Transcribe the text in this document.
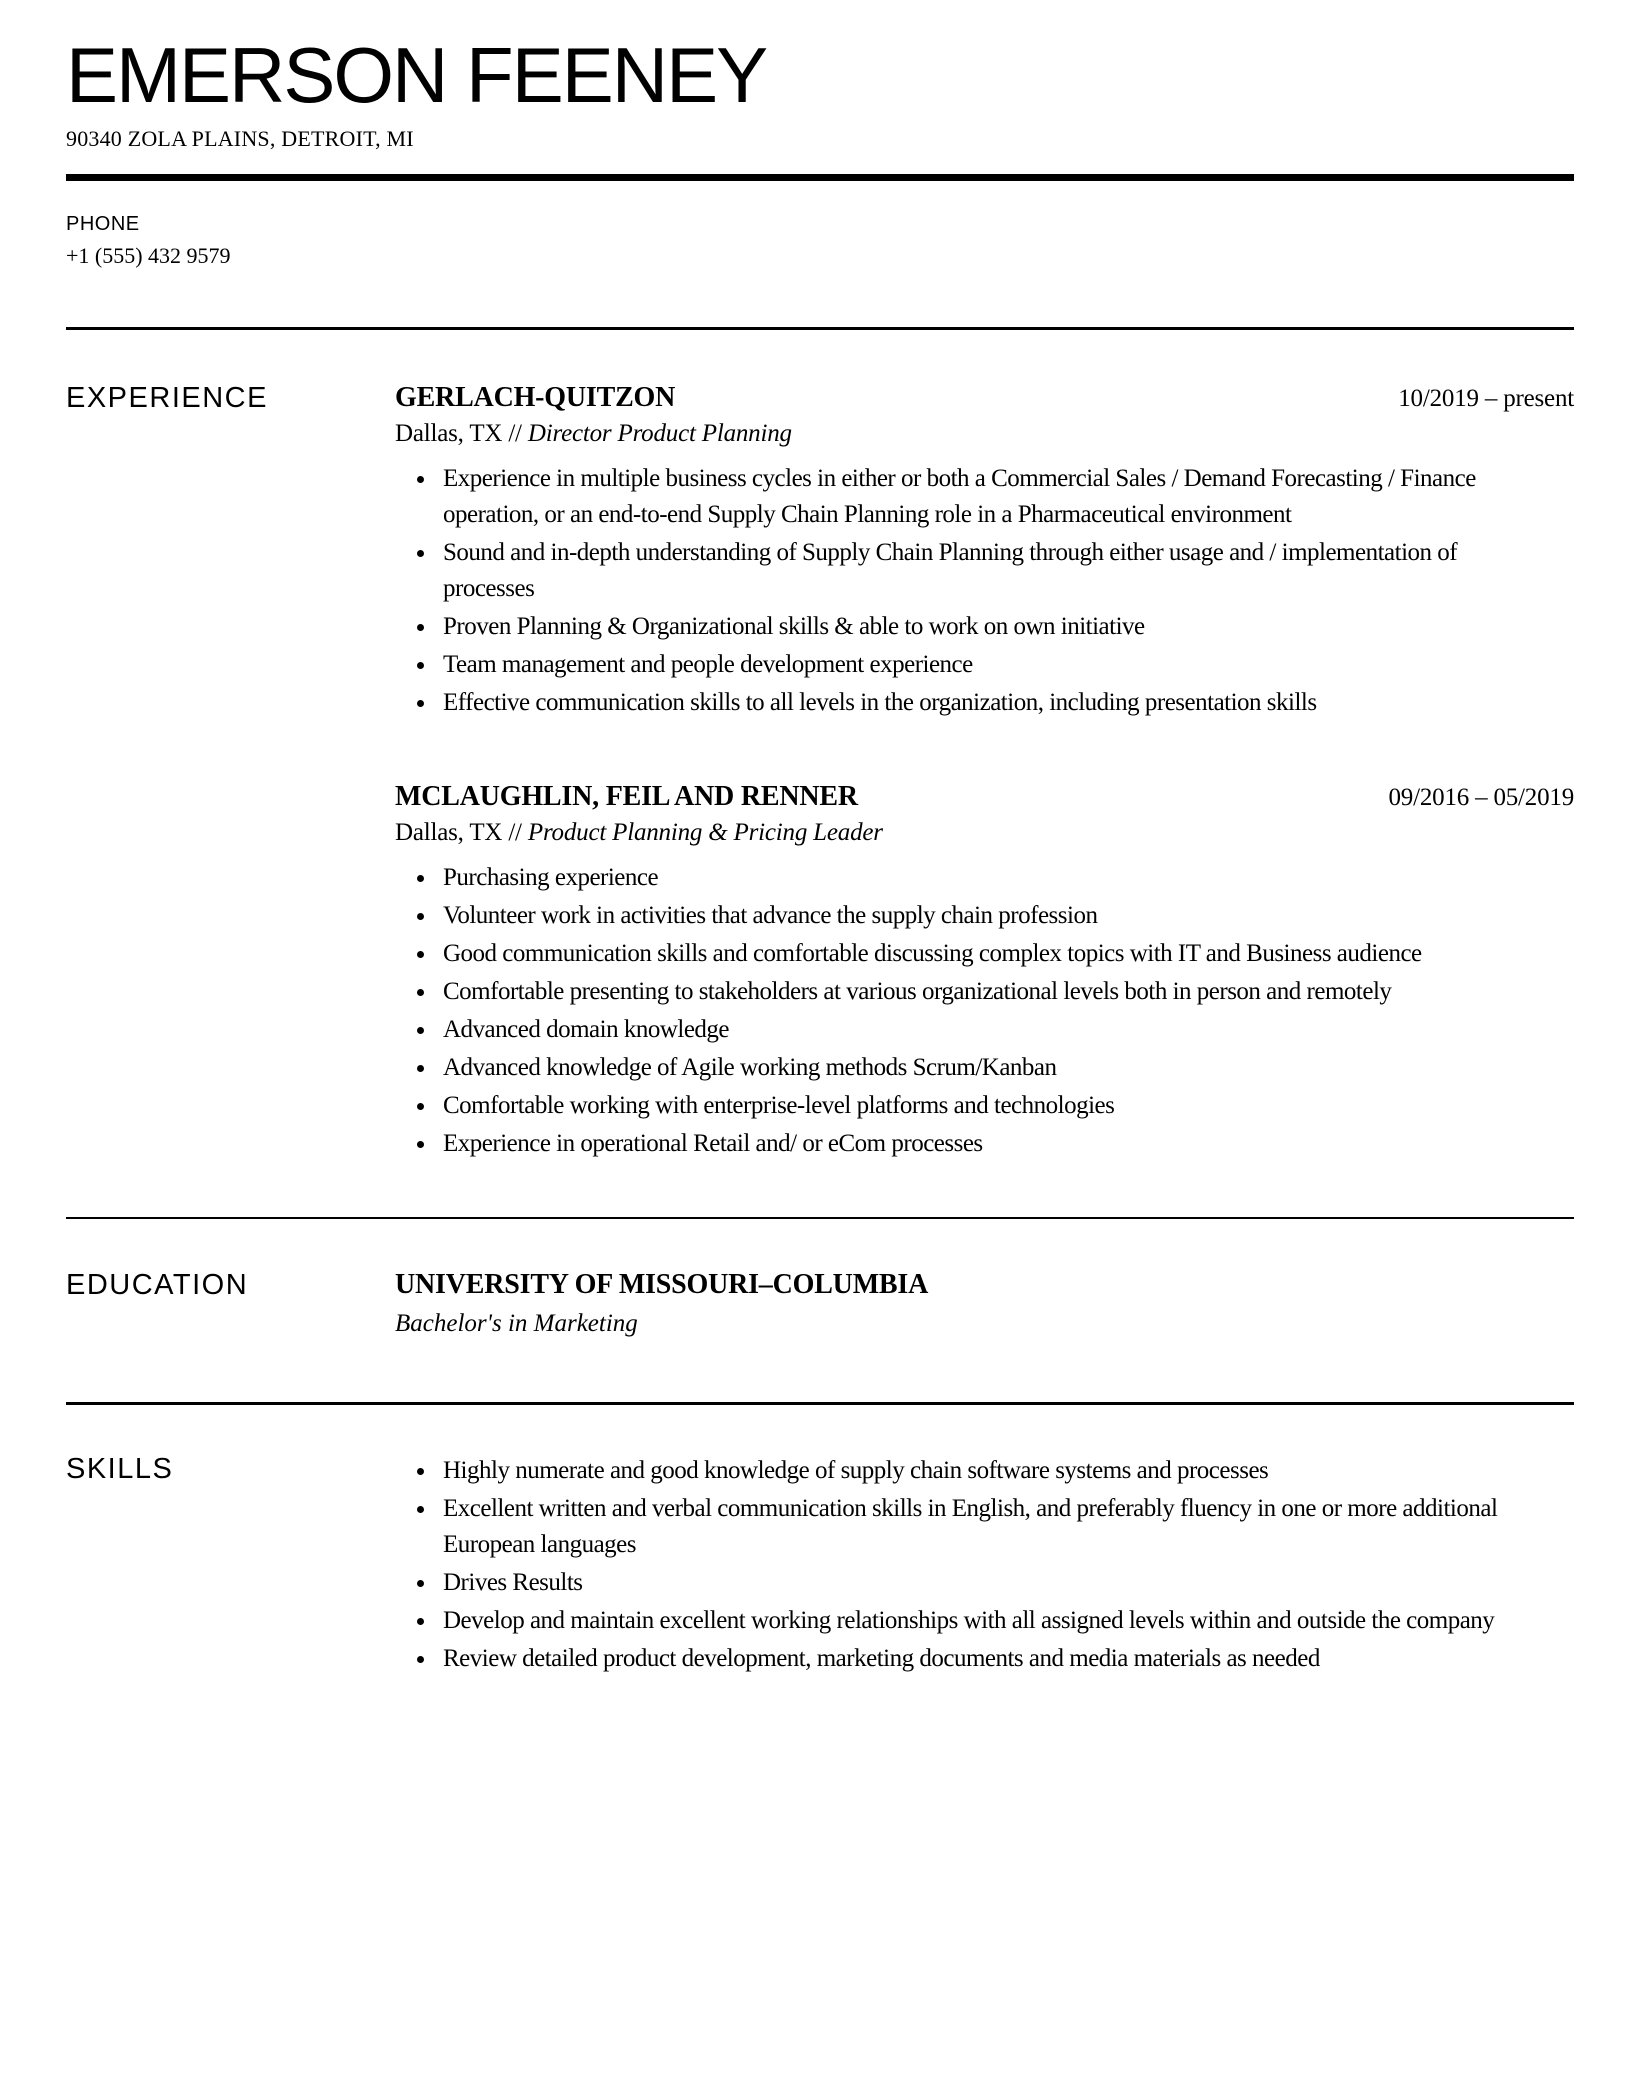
EMERSON FEENEY
90340 ZOLA PLAINS, DETROIT, MI
PHONE
+1 (555) 432 9579
EXPERIENCE	GERLACH-QUITZON	10/2019 – present
Dallas, TX // Director Product Planning
Experience in multiple business cycles in either or both a Commercial Sales / Demand Forecasting / Finance operation, or an end-to-end Supply Chain Planning role in a Pharmaceutical environment
Sound and in-depth understanding of Supply Chain Planning through either usage and / implementation of processes
Proven Planning & Organizational skills & able to work on own initiative
Team management and people development experience
Effective communication skills to all levels in the organization, including presentation skills
MCLAUGHLIN, FEIL AND RENNER	09/2016 – 05/2019
Dallas, TX // Product Planning & Pricing Leader
Purchasing experience
Volunteer work in activities that advance the supply chain profession
Good communication skills and comfortable discussing complex topics with IT and Business audience
Comfortable presenting to stakeholders at various organizational levels both in person and remotely
Advanced domain knowledge
Advanced knowledge of Agile working methods Scrum/Kanban
Comfortable working with enterprise-level platforms and technologies
Experience in operational Retail and/ or eCom processes
EDUCATION	UNIVERSITY OF MISSOURI–COLUMBIA
Bachelor's in Marketing
SKILLS	Highly numerate and good knowledge of supply chain software systems and processes
Excellent written and verbal communication skills in English, and preferably fluency in one or more additional European languages
Drives Results
Develop and maintain excellent working relationships with all assigned levels within and outside the company
Review detailed product development, marketing documents and media materials as needed
